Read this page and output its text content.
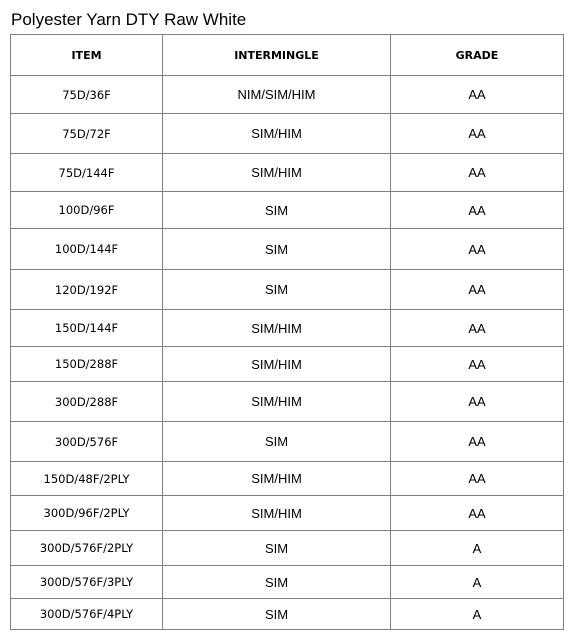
Polyester Yarn DTY Raw White
ITEM	INTERMINGLE	GRADE
75D/36F	NIM/SIM/HIM	AA
75D/72F	SIM/HIM	AA
75D/144F	SIM/HIM	AA
100D/96F	SIM	AA
100D/144F	SIM	AA
120D/192F	SIM	AA
150D/144F	SIM/HIM	AA
150D/288F	SIM/HIM	AA
300D/288F	SIM/HIM	AA
300D/576F	SIM	AA
150D/48F/2PLY	SIM/HIM	AA
300D/96F/2PLY	SIM/HIM	AA
300D/576F/2PLY	SIM	A
300D/576F/3PLY	SIM	A
300D/576F/4PLY	SIM	A
